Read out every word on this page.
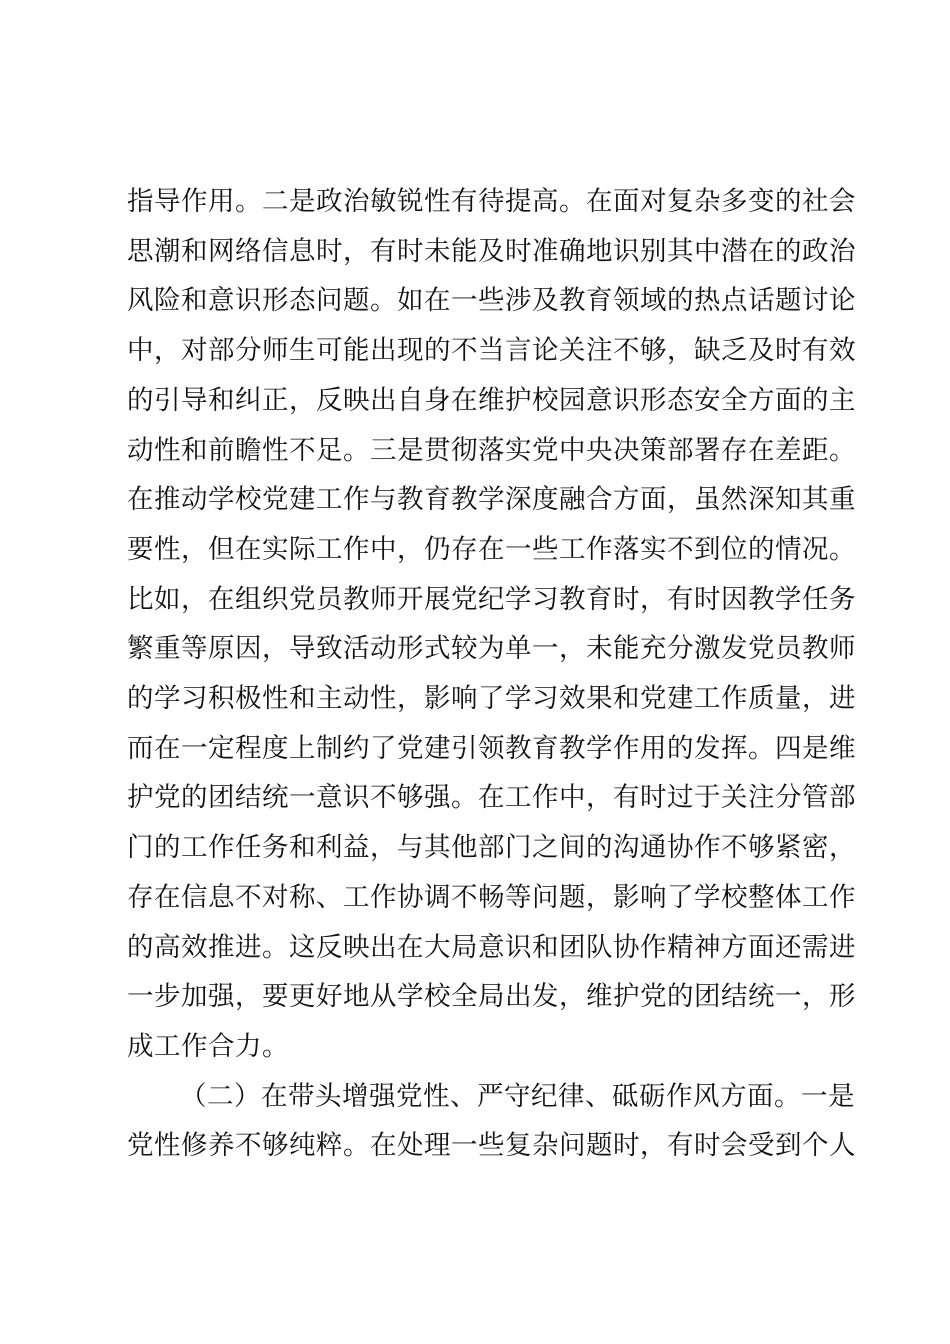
指导作用。二是政治敏锐性有待提高。在面对复杂多变的社会
思潮和网络信息时，有时未能及时准确地识别其中潜在的政治
风险和意识形态问题。如在一些涉及教育领域的热点话题讨论
中，对部分师生可能出现的不当言论关注不够，缺乏及时有效
的引导和纠正，反映出自身在维护校园意识形态安全方面的主
动性和前瞻性不足。三是贯彻落实党中央决策部署存在差距。
在推动学校党建工作与教育教学深度融合方面，虽然深知其重
要性，但在实际工作中，仍存在一些工作落实不到位的情况。
比如，在组织党员教师开展党纪学习教育时，有时因教学任务
繁重等原因，导致活动形式较为单一，未能充分激发党员教师
的学习积极性和主动性，影响了学习效果和党建工作质量，进
而在一定程度上制约了党建引领教育教学作用的发挥。四是维
护党的团结统一意识不够强。在工作中，有时过于关注分管部
门的工作任务和利益，与其他部门之间的沟通协作不够紧密，
存在信息不对称、工作协调不畅等问题，影响了学校整体工作
的高效推进。这反映出在大局意识和团队协作精神方面还需进
一步加强，要更好地从学校全局出发，维护党的团结统一，形
成工作合力。
（二）在带头增强党性、严守纪律、砥砺作风方面。一是
党性修养不够纯粹。在处理一些复杂问题时，有时会受到个人
